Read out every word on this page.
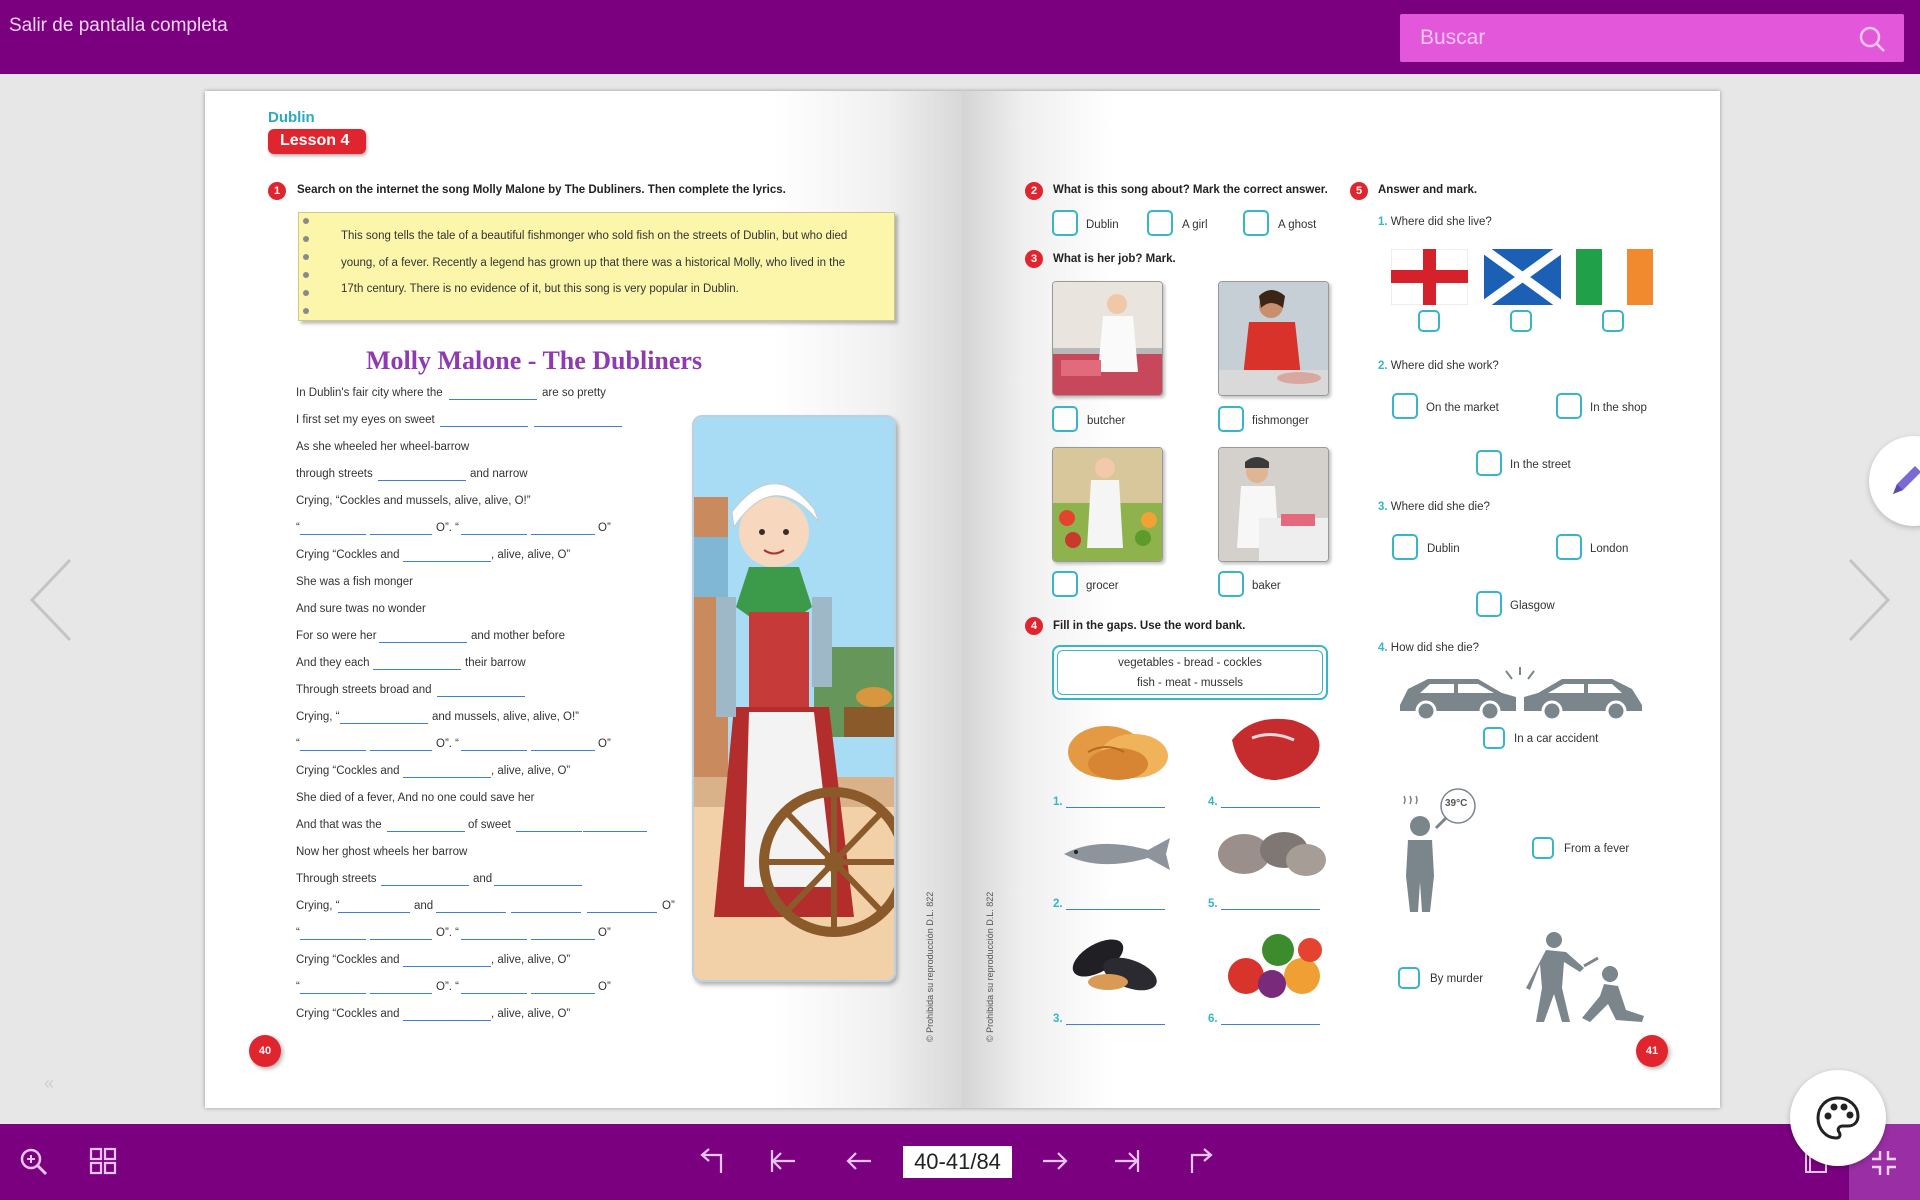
Salir de pantalla completa
Buscar
«
Dublin
Lesson 4
1	Search on the internet the song Molly Malone by The Dubliners. Then complete the lyrics.
This song tells the tale of a beautiful fishmonger who sold fish on the streets of Dublin, but who died
young, of a fever. Recently a legend has grown up that there was a historical Molly, who lived in the
17th century. There is no evidence of it, but this song is very popular in Dublin.
Molly Malone - The Dubliners
In Dublin's fair city where the	are so pretty
I first set my eyes on sweet
As she wheeled her wheel-barrow
through streets	and narrow
Crying, “Cockles and mussels, alive, alive, O!”
“	O”. “	O”
Crying “Cockles and	, alive, alive, O”
She was a fish monger
And sure twas no wonder
For so were her	and mother before
And they each	their barrow
Through streets broad and
Crying, “	and mussels, alive, alive, O!”
“	O”. “	O”
Crying “Cockles and	, alive, alive, O”
She died of a fever, And no one could save her
And that was the	of sweet
Now her ghost wheels her barrow
Through streets	and
Crying, “	and	O”
“	O”. “	O”
Crying “Cockles and	, alive, alive, O”
“	O”. “	O”
Crying “Cockles and	, alive, alive, O”	© Prohibida su reproducción D.L. 822
40
© Prohibida su reproducción D.L. 822
2	What is this song about? Mark the correct answer.
Dublin	A girl	A ghost
3	What is her job? Mark.
butcher	fishmonger
grocer	baker
4	Fill in the gaps. Use the word bank.
vegetables - bread - cockles
fish - meat - mussels
1.	4.
2.	5.
3.	6.
5	Answer and mark.
1. Where did she live?
2. Where did she work?
On the market	In the shop
In the street
3. Where did she die?
Dublin	London
Glasgow
4. How did she die?
In a car accident
39°C
From a fever
By murder
41
40-41/84
